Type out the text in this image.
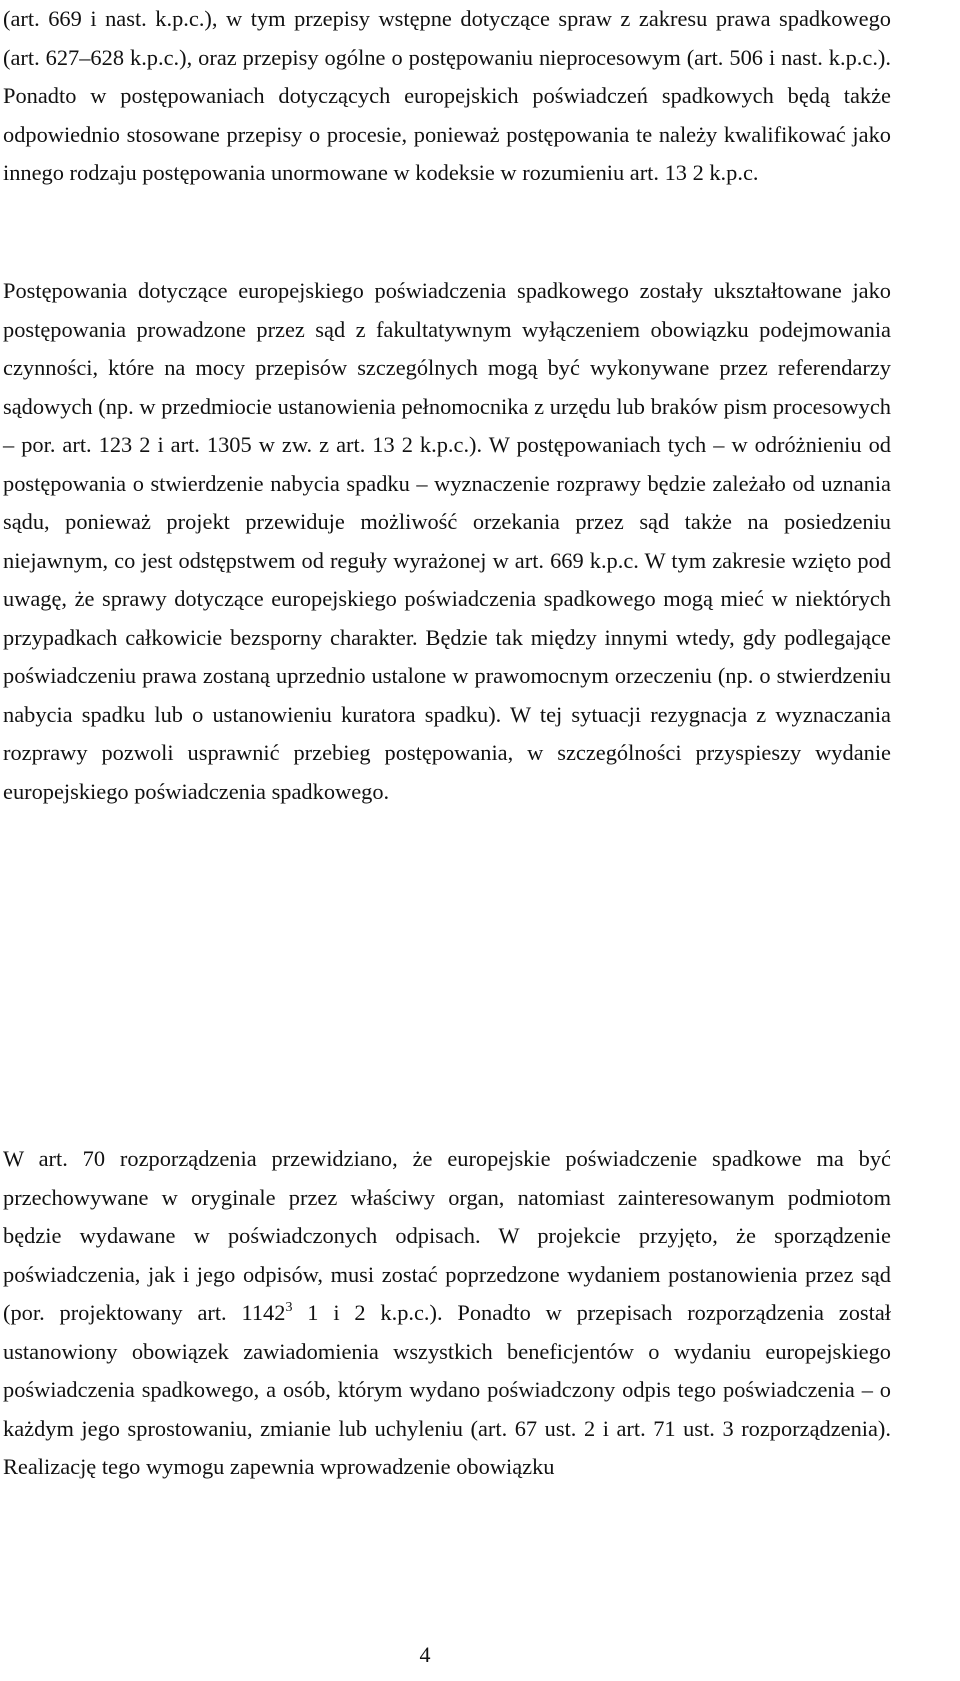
(art. 669 i nast. k.p.c.), w tym przepisy wstępne dotyczące spraw z zakresu prawa spadkowego (art. 627–628 k.p.c.), oraz przepisy ogólne o postępowaniu nieprocesowym (art. 506 i nast. k.p.c.). Ponadto w postępowaniach dotyczących europejskich poświadczeń spadkowych będą także odpowiednio stosowane przepisy o procesie, ponieważ postępowania te należy kwalifikować jako innego rodzaju postępowania unormowane w kodeksie w rozumieniu art. 13 2 k.p.c.

Postępowania dotyczące europejskiego poświadczenia spadkowego zostały ukształtowane jako postępowania prowadzone przez sąd z fakultatywnym wyłączeniem obowiązku podejmowania czynności, które na mocy przepisów szczególnych mogą być wykonywane przez referendarzy sądowych (np. w przedmiocie ustanowienia pełnomocnika z urzędu lub braków pism procesowych – por. art. 123 2 i art. 1305 w zw. z art. 13 2 k.p.c.). W postępowaniach tych – w odróżnieniu od postępowania o stwierdzenie nabycia spadku – wyznaczenie rozprawy będzie zależało od uznania sądu, ponieważ projekt przewiduje możliwość orzekania przez sąd także na posiedzeniu niejawnym, co jest odstępstwem od reguły wyrażonej w art. 669 k.p.c. W tym zakresie wzięto pod uwagę, że sprawy dotyczące europejskiego poświadczenia spadkowego mogą mieć w niektórych przypadkach całkowicie bezsporny charakter. Będzie tak między innymi wtedy, gdy podlegające poświadczeniu prawa zostaną uprzednio ustalone w prawomocnym orzeczeniu (np. o stwierdzeniu nabycia spadku lub o ustanowieniu kuratora spadku). W tej sytuacji rezygnacja z wyznaczania rozprawy pozwoli usprawnić przebieg postępowania, w szczególności przyspieszy wydanie europejskiego poświadczenia spadkowego.

W art. 70 rozporządzenia przewidziano, że europejskie poświadczenie spadkowe ma być przechowywane w oryginale przez właściwy organ, natomiast zainteresowanym podmiotom będzie wydawane w poświadczonych odpisach. W projekcie przyjęto, że sporządzenie poświadczenia, jak i jego odpisów, musi zostać poprzedzone wydaniem postanowienia przez sąd (por. projektowany art. 1142$^3$ 1 i 2 k.p.c.). Ponadto w przepisach rozporządzenia został ustanowiony obowiązek zawiadomienia wszystkich beneficjentów o wydaniu europejskiego poświadczenia spadkowego, a osób, którym wydano poświadczony odpis tego poświadczenia – o każdym jego sprostowaniu, zmianie lub uchyleniu (art. 67 ust. 2 i art. 71 ust. 3 rozporządzenia). Realizację tego wymogu zapewnia wprowadzenie obowiązku

4
